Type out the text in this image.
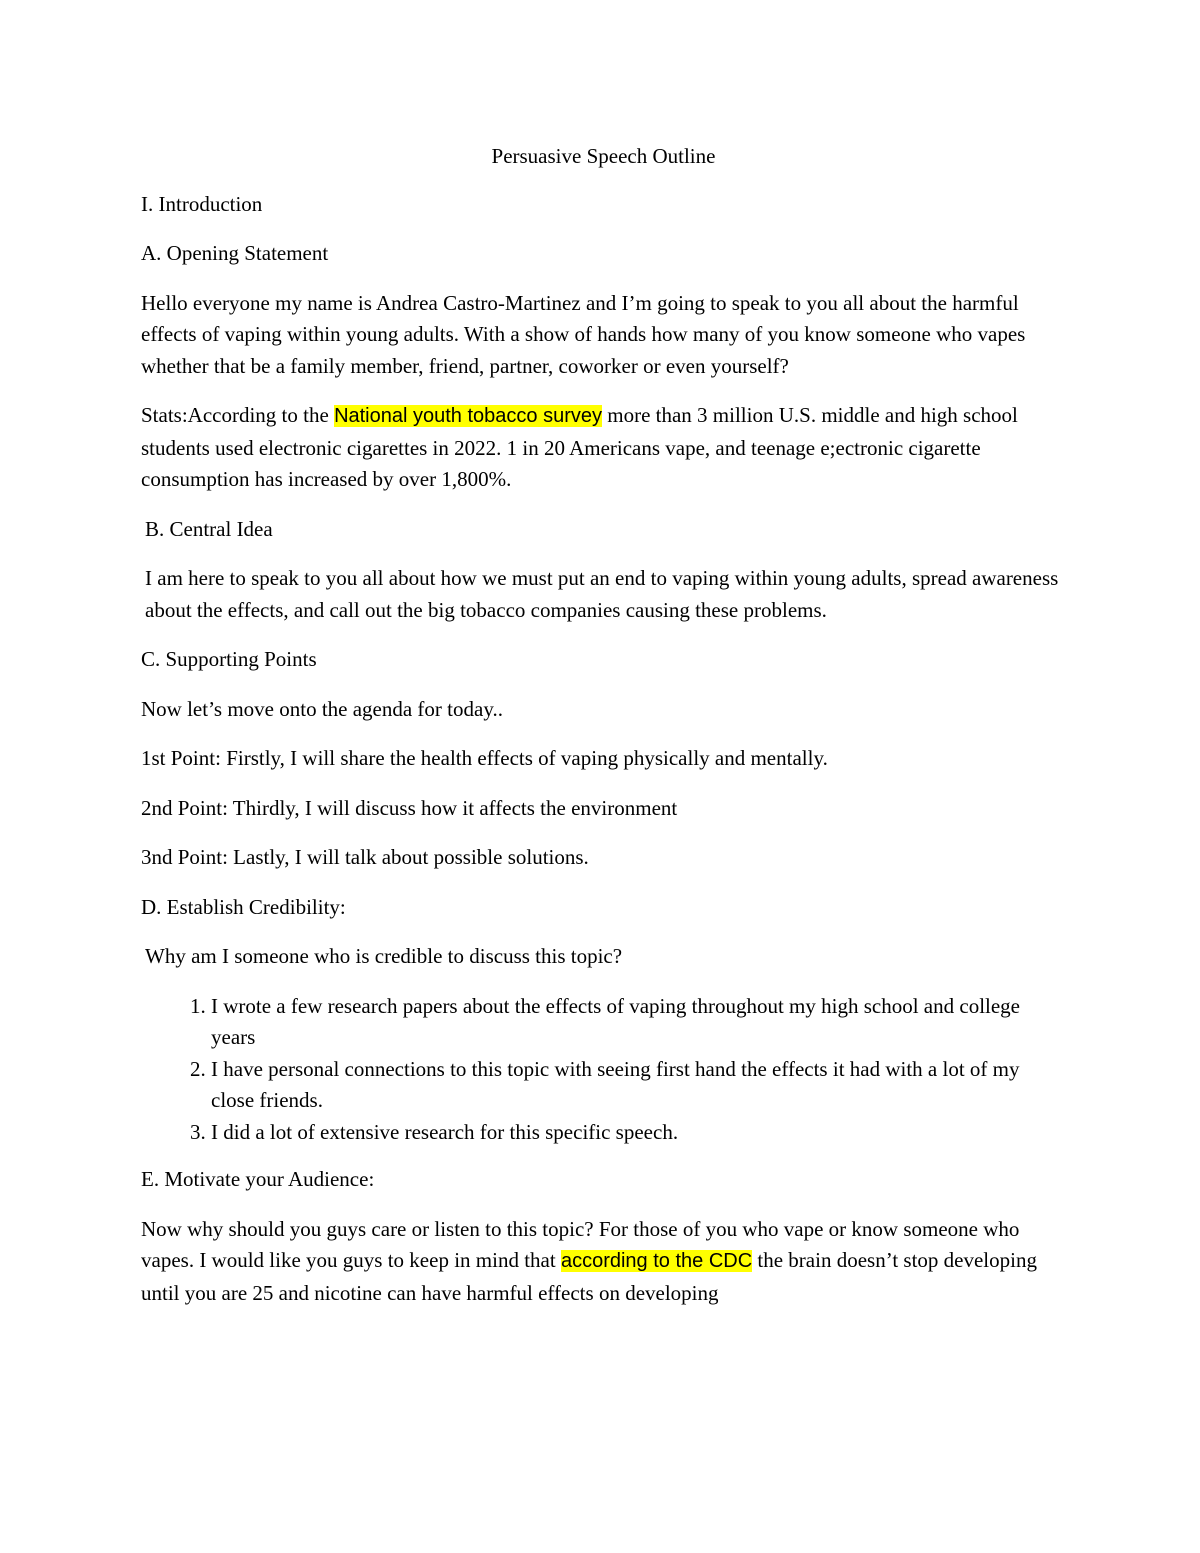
Persuasive Speech Outline

I. Introduction

A. Opening Statement

Hello everyone my name is Andrea Castro-Martinez and I’m going to speak to you all about the harmful effects of vaping within young adults. With a show of hands how many of you know someone who vapes whether that be a family member, friend, partner, coworker or even yourself?

Stats:According to the National youth tobacco survey more than 3 million U.S. middle and high school students used electronic cigarettes in 2022. 1 in 20 Americans vape, and teenage e;ectronic cigarette consumption has increased by over 1,800%.

B. Central Idea

I am here to speak to you all about how we must put an end to vaping within young adults, spread awareness about the effects, and call out the big tobacco companies causing these problems.

C. Supporting Points

Now let’s move onto the agenda for today..

1st Point: Firstly, I will share the health effects of vaping physically and mentally.

2nd Point: Thirdly, I will discuss how it affects the environment

3nd Point: Lastly, I will talk about possible solutions.

D. Establish Credibility:

Why am I someone who is credible to discuss this topic?

1. I wrote a few research papers about the effects of vaping throughout my high school and college years
2. I have personal connections to this topic with seeing first hand the effects it had with a lot of my close friends.
3. I did a lot of extensive research for this specific speech.

E. Motivate your Audience:

Now why should you guys care or listen to this topic? For those of you who vape or know someone who vapes. I would like you guys to keep in mind that according to the CDC the brain doesn’t stop developing until you are 25 and nicotine can have harmful effects on developing
